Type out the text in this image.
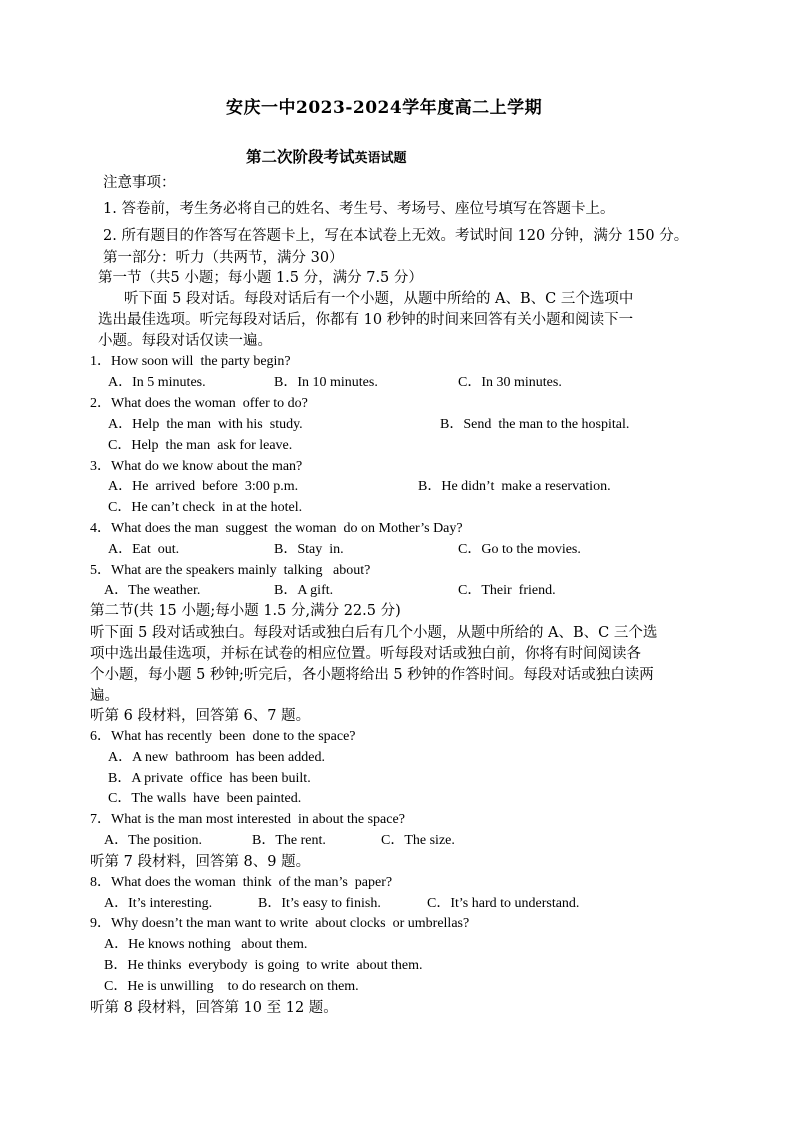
安庆一中2023-2024学年度高二上学期
第二次阶段考试英语试题
注意事项：
1. 答卷前，考生务必将自己的姓名、考生号、考场号、座位号填写在答题卡上。
2. 所有题目的作答写在答题卡上，写在本试卷上无效。考试时间 120 分钟，满分 150 分。
第一部分：听力（共两节，满分 30）
第一节（共5 小题；每小题 1.5 分，满分 7.5 分）
听下面 5 段对话。每段对话后有一个小题，从题中所给的 A、B、C 三个选项中
选出最佳选项。听完每段对话后，你都有 10 秒钟的时间来回答有关小题和阅读下一
小题。每段对话仅读一遍。
1．How soon will  the party begin?
A．In 5 minutes.	B．In 10 minutes.	C．In 30 minutes.
2．What does the woman  offer to do?
A．Help  the man  with his  study.	B．Send  the man to the hospital.
C．Help  the man  ask for leave.
3．What do we know about the man?
A．He  arrived  before  3:00 p.m.	B．He didn’t  make a reservation.
C．He can’t check  in at the hotel.
4．What does the man  suggest  the woman  do on Mother’s Day?
A．Eat  out.	B．Stay  in.	C．Go to the movies.
5．What are the speakers mainly  talking   about?
A．The weather.	B．A gift.	C．Their  friend.
第二节(共 15 小题;每小题 1.5 分,满分 22.5 分)
听下面 5 段对话或独白。每段对话或独白后有几个小题，从题中所给的 A、B、C 三个选
项中选出最佳选项，并标在试卷的相应位置。听每段对话或独白前，你将有时间阅读各
个小题，每小题 5 秒钟;听完后，各小题将给出 5 秒钟的作答时间。每段对话或独白读两
遍。
听第 6 段材料，回答第 6、7 题。
6．What has recently  been  done to the space?
A．A new  bathroom  has been added.
B．A private  office  has been built.
C．The walls  have  been painted.
7．What is the man most interested  in about the space?
A．The position.	B．The rent.	C．The size.
听第 7 段材料，回答第 8、9 题。
8．What does the woman  think  of the man’s  paper?
A．It’s interesting.	B．It’s easy to finish.	C．It’s hard to understand.
9．Why doesn’t the man want to write  about clocks  or umbrellas?
A．He knows nothing   about them.
B．He thinks  everybody  is going  to write  about them.
C．He is unwilling    to do research on them.
听第 8 段材料，回答第 10 至 12 题。
